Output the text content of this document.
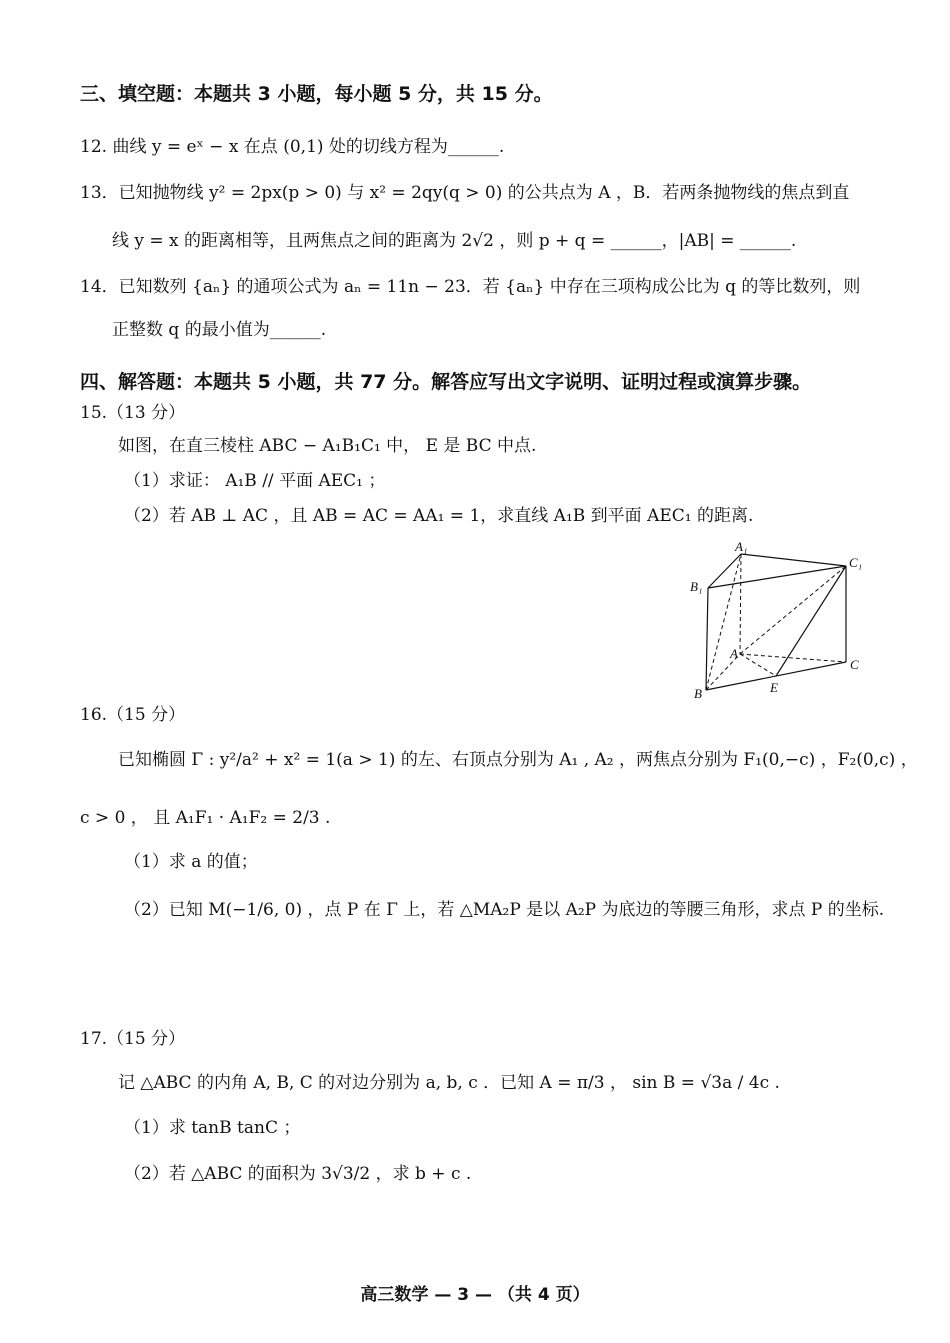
三、填空题：本题共 3 小题，每小题 5 分，共 15 分。
12. 曲线 y = eˣ − x 在点 (0,1) 处的切线方程为______.
13．已知抛物线 y² = 2px(p > 0) 与 x² = 2qy(q > 0) 的公共点为 A ，B．若两条抛物线的焦点到直
线 y = x 的距离相等，且两焦点之间的距离为 2√2 ，则 p + q = ______，|AB| = ______.
14．已知数列 {aₙ} 的通项公式为 aₙ = 11n − 23．若 {aₙ} 中存在三项构成公比为 q 的等比数列，则
正整数 q 的最小值为______.
四、解答题：本题共 5 小题，共 77 分。解答应写出文字说明、证明过程或演算步骤。
15.（13 分）
如图，在直三棱柱 ABC − A₁B₁C₁ 中， E 是 BC 中点.
（1）求证： A₁B // 平面 AEC₁ ；
（2）若 AB ⊥ AC ，且 AB = AC = AA₁ = 1，求直线 A₁B 到平面 AEC₁ 的距离.
A₁
B₁
C₁
A
B
C
E
16.（15 分）
已知椭圆 Γ : y²/a² + x² = 1(a > 1) 的左、右顶点分别为 A₁ , A₂ ，两焦点分别为 F₁(0,−c) ，F₂(0,c) ，
c > 0 ， 且 A₁F₁ · A₁F₂ = 2/3 .
（1）求 a 的值；
（2）已知 M(−1/6, 0) ，点 P 在 Γ 上，若 △MA₂P 是以 A₂P 为底边的等腰三角形，求点 P 的坐标.
17.（15 分）
记 △ABC 的内角 A, B, C 的对边分别为 a, b, c ．已知 A = π/3 ， sin B = √3a / 4c .
（1）求 tanB tanC ；
（2）若 △ABC 的面积为 3√3/2 ，求 b + c .
高三数学 — 3 — （共 4 页）
